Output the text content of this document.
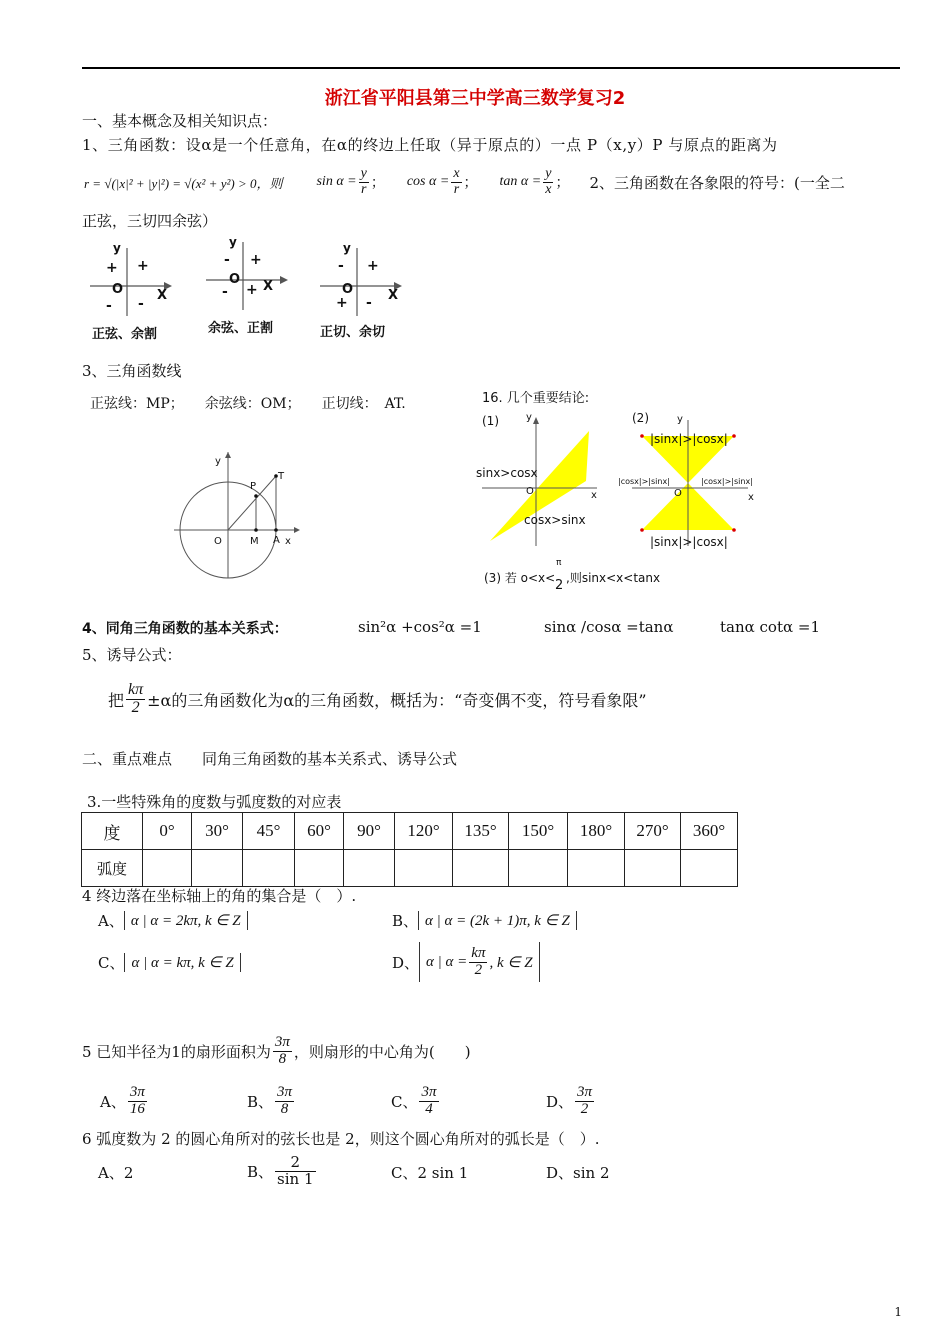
浙江省平阳县第三中学高三数学复习2
一、基本概念及相关知识点：
1、三角函数：设α是一个任意角，在α的终边上任取（异于原点的）一点 P（x,y）P 与原点的距离为
r = √(|x|² + |y|²) = √(x² + y²) > 0，则 $\sin \alpha = \frac{y}{r}$ ； $\cos \alpha = \frac{x}{r}$ ； $\tan \alpha = \frac{y}{x}$ ； 2、三角函数在各象限的符号：(一全二
正弦，三切四余弦）
y
+ +
- -
O	X
正弦、余割
y
- +
- +
O X
余弦、正割
y
- +
+ -
O	X
正切、余切
3、三角函数线
正弦线：MP；　　余弦线：OM；　　正切线：　AT.
y
x
O	M A
P
T
16. 几个重要结论:
(1)	y
x
O
sinx>cosx
cosx>sinx
(2)	y
x
O
|sinx|>|cosx|
|sinx|>|cosx|
|cosx|>|sinx|	|cosx|>|sinx|
(3) 若 o<x<
π
2 ,则sinx<x<tanx
4、同角三角函数的基本关系式：	sin²α +cos²α =1	sinα /cosα =tanα	tanα cotα =1
5、诱导公式：
把 $\frac{k\pi}{2} \pm\alpha$的三角函数化为α的三角函数，概括为：“奇变偶不变，符号看象限”
二、重点难点　　同角三角函数的基本关系式、诱导公式
3.一些特殊角的度数与弧度数的对应表
度	0°	30°	45°	60°	90°	120°	135°	150°	180°	270°	360°
弧度											
4 终边落在坐标轴上的角的集合是（　）.
A、 α | α = 2kπ, k ∈ Z	B、 α | α = (2k + 1)π, k ∈ Z
C、 α | α = kπ, k ∈ Z	D、 α | $\alpha = \frac{k\pi}{2}$ , k ∈ Z
5 已知半径为1的扇形面积为 $\frac{3\pi}{8}$ ，则扇形的中心角为(　　)
A、 $\frac{3\pi}{16}$	B、 $\frac{3\pi}{8}$	C、 $\frac{3\pi}{4}$	D、 $\frac{3\pi}{2}$
6 弧度数为 2 的圆心角所对的弦长也是 2，则这个圆心角所对的弧长是（　）.
A、2	B、 $\frac{2}{\sin 1}$	C、2 sin 1	D、sin 2
1
